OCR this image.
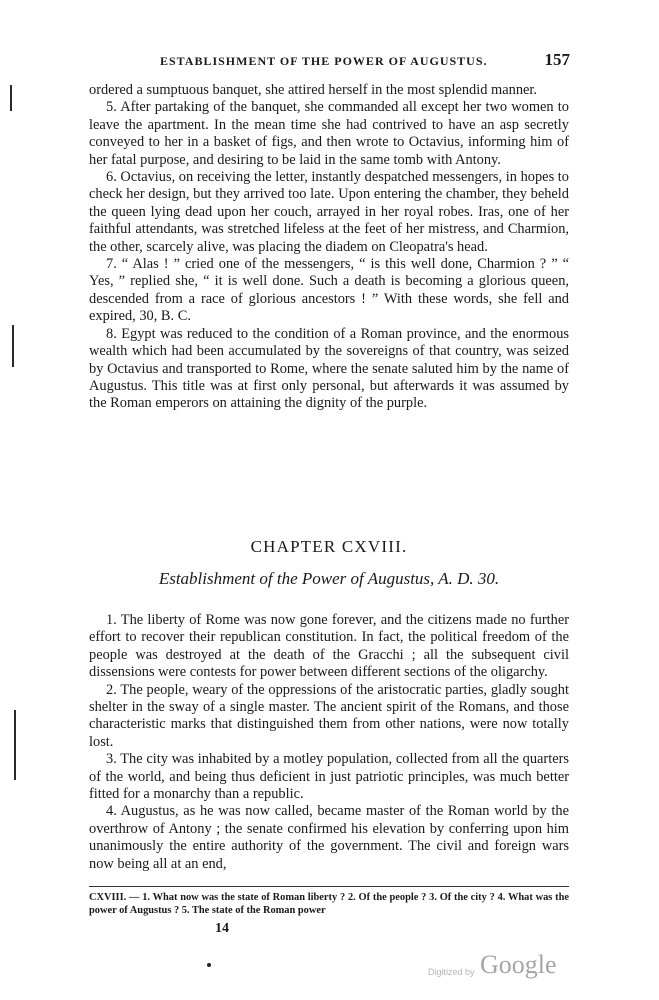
ESTABLISHMENT OF THE POWER OF AUGUSTUS.	157

ordered a sumptuous banquet, she attired herself in the most splendid manner.

5. After partaking of the banquet, she commanded all except her two women to leave the apartment. In the mean time she had contrived to have an asp secretly conveyed to her in a basket of figs, and then wrote to Octavius, informing him of her fatal purpose, and desiring to be laid in the same tomb with Antony.

6. Octavius, on receiving the letter, instantly despatched messengers, in hopes to check her design, but they arrived too late. Upon entering the chamber, they beheld the queen lying dead upon her couch, arrayed in her royal robes. Iras, one of her faithful attendants, was stretched lifeless at the feet of her mistress, and Charmion, the other, scarcely alive, was placing the diadem on Cleopatra's head.

7. “ Alas ! ” cried one of the messengers, “ is this well done, Charmion ? ” “ Yes, ” replied she, “ it is well done. Such a death is becoming a glorious queen, descended from a race of glorious ancestors ! ” With these words, she fell and expired, 30, B. C.

8. Egypt was reduced to the condition of a Roman province, and the enormous wealth which had been accumulated by the sovereigns of that country, was seized by Octavius and transported to Rome, where the senate saluted him by the name of Augustus. This title was at first only personal, but afterwards it was assumed by the Roman emperors on attaining the dignity of the purple.

CHAPTER CXVIII.
Establishment of the Power of Augustus, A. D. 30.

1. The liberty of Rome was now gone forever, and the citizens made no further effort to recover their republican constitution. In fact, the political freedom of the people was destroyed at the death of the Gracchi ; all the subsequent civil dissensions were contests for power between different sections of the oligarchy.

2. The people, weary of the oppressions of the aristocratic parties, gladly sought shelter in the sway of a single master. The ancient spirit of the Romans, and those characteristic marks that distinguished them from other nations, were now totally lost.

3. The city was inhabited by a motley population, collected from all the quarters of the world, and being thus deficient in just patriotic principles, was much better fitted for a monarchy than a republic.

4. Augustus, as he was now called, became master of the Roman world by the overthrow of Antony ; the senate confirmed his elevation by conferring upon him unanimously the entire authority of the government. The civil and foreign wars now being all at an end,

CXVIII. — 1. What now was the state of Roman liberty ? 2. Of the people ? 3. Of the city ? 4. What was the power of Augustus ? 5. The state of the Roman power
14
Digitized by Google
